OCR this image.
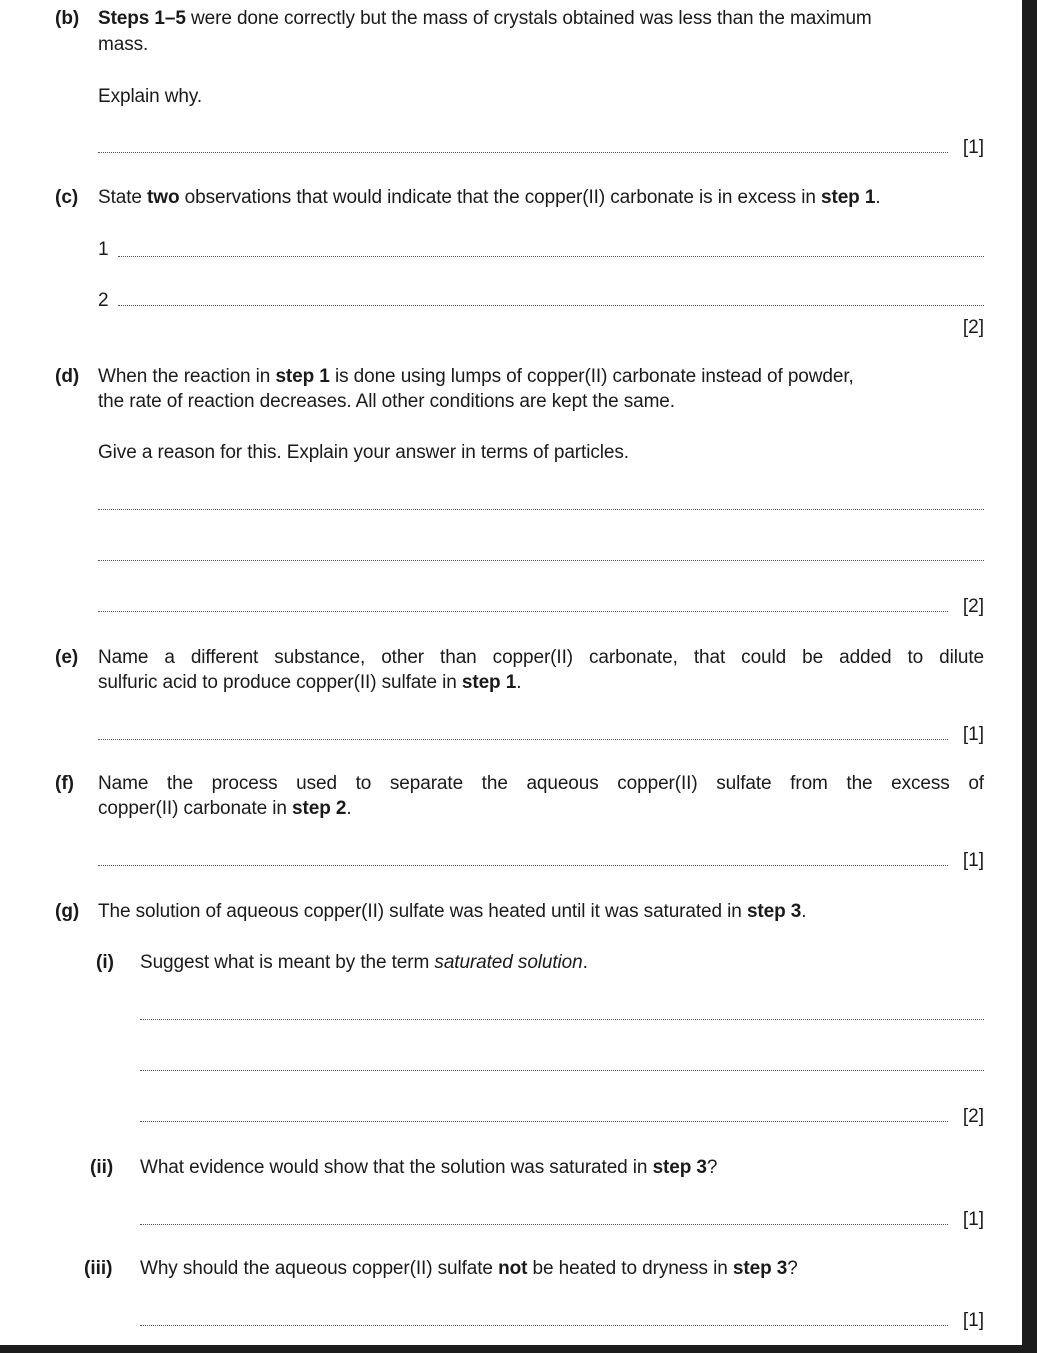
(b) Steps 1–5 were done correctly but the mass of crystals obtained was less than the maximum
mass.
Explain why.
[1]
(c) State two observations that would indicate that the copper(II) carbonate is in excess in step 1.
1
2
[2]
(d) When the reaction in step 1 is done using lumps of copper(II) carbonate instead of powder,
the rate of reaction decreases. All other conditions are kept the same.
Give a reason for this. Explain your answer in terms of particles.
[2]
(e) Name a different substance, other than copper(II) carbonate, that could be added to dilute
sulfuric acid to produce copper(II) sulfate in step 1.
[1]
(f) Name the process used to separate the aqueous copper(II) sulfate from the excess of
copper(II) carbonate in step 2.
[1]
(g) The solution of aqueous copper(II) sulfate was heated until it was saturated in step 3.
(i) Suggest what is meant by the term saturated solution.
[2]
(ii) What evidence would show that the solution was saturated in step 3?
[1]
(iii) Why should the aqueous copper(II) sulfate not be heated to dryness in step 3?
[1]
